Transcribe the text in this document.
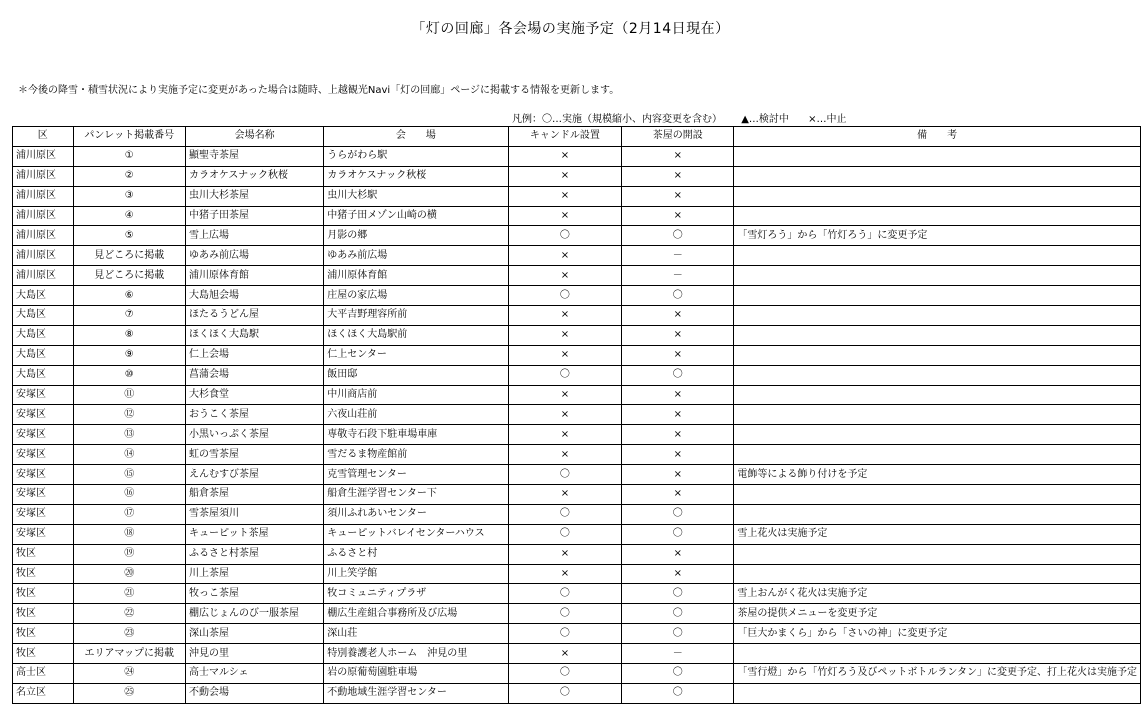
「灯の回廊」各会場の実施予定（2月14日現在）
＊今後の降雪・積雪状況により実施予定に変更があった場合は随時、上越観光Navi「灯の回廊」ページに掲載する情報を更新します。
凡例：〇…実施（規模縮小、内容変更を含む） ▲…検討中 ×…中止
区	パンレット掲載番号	会場名称	会　　場	キャンドル設置	茶屋の開設	備　　考
浦川原区	①	顯聖寺茶屋	うらがわら駅	×	×	
浦川原区	②	カラオケスナック秋桜	カラオケスナック秋桜	×	×	
浦川原区	③	虫川大杉茶屋	虫川大杉駅	×	×	
浦川原区	④	中猪子田茶屋	中猪子田メゾン山崎の横	×	×	
浦川原区	⑤	雪上広場	月影の郷	〇	〇	「雪灯ろう」から「竹灯ろう」に変更予定
浦川原区	見どころに掲載	ゆあみ前広場	ゆあみ前広場	×	－	
浦川原区	見どころに掲載	浦川原体育館	浦川原体育館	×	－	
大島区	⑥	大島旭会場	庄屋の家広場	〇	〇	
大島区	⑦	ほたるうどん屋	大平吉野理容所前	×	×	
大島区	⑧	ほくほく大島駅	ほくほく大島駅前	×	×	
大島区	⑨	仁上会場	仁上センター	×	×	
大島区	⑩	菖蒲会場	飯田邸	〇	〇	
安塚区	⑪	大杉食堂	中川商店前	×	×	
安塚区	⑫	おうこく茶屋	六夜山荘前	×	×	
安塚区	⑬	小黒いっぷく茶屋	専敬寺石段下駐車場車庫	×	×	
安塚区	⑭	虹の雪茶屋	雪だるま物産館前	×	×	
安塚区	⑮	えんむすび茶屋	克雪管理センター	〇	×	電飾等による飾り付けを予定
安塚区	⑯	船倉茶屋	船倉生涯学習センター下	×	×	
安塚区	⑰	雪茶屋須川	須川ふれあいセンター	〇	〇	
安塚区	⑱	キューピット茶屋	キューピットバレイセンターハウス	〇	〇	雪上花火は実施予定
牧区	⑲	ふるさと村茶屋	ふるさと村	×	×	
牧区	⑳	川上茶屋	川上笑学館	×	×	
牧区	㉑	牧っこ茶屋	牧コミュニティプラザ	〇	〇	雪上おんがく花火は実施予定
牧区	㉒	棚広じょんのび一服茶屋	棚広生産組合事務所及び広場	〇	〇	茶屋の提供メニューを変更予定
牧区	㉓	深山茶屋	深山荘	〇	〇	「巨大かまくら」から「さいの神」に変更予定
牧区	エリアマップに掲載	沖見の里	特別養護老人ホーム　沖見の里	×	－	
高士区	㉔	高士マルシェ	岩の原葡萄園駐車場	〇	〇	「雪行燈」から「竹灯ろう及びペットボトルランタン」に変更予定、打上花火は実施予定
名立区	㉕	不動会場	不動地域生涯学習センター	〇	〇	
